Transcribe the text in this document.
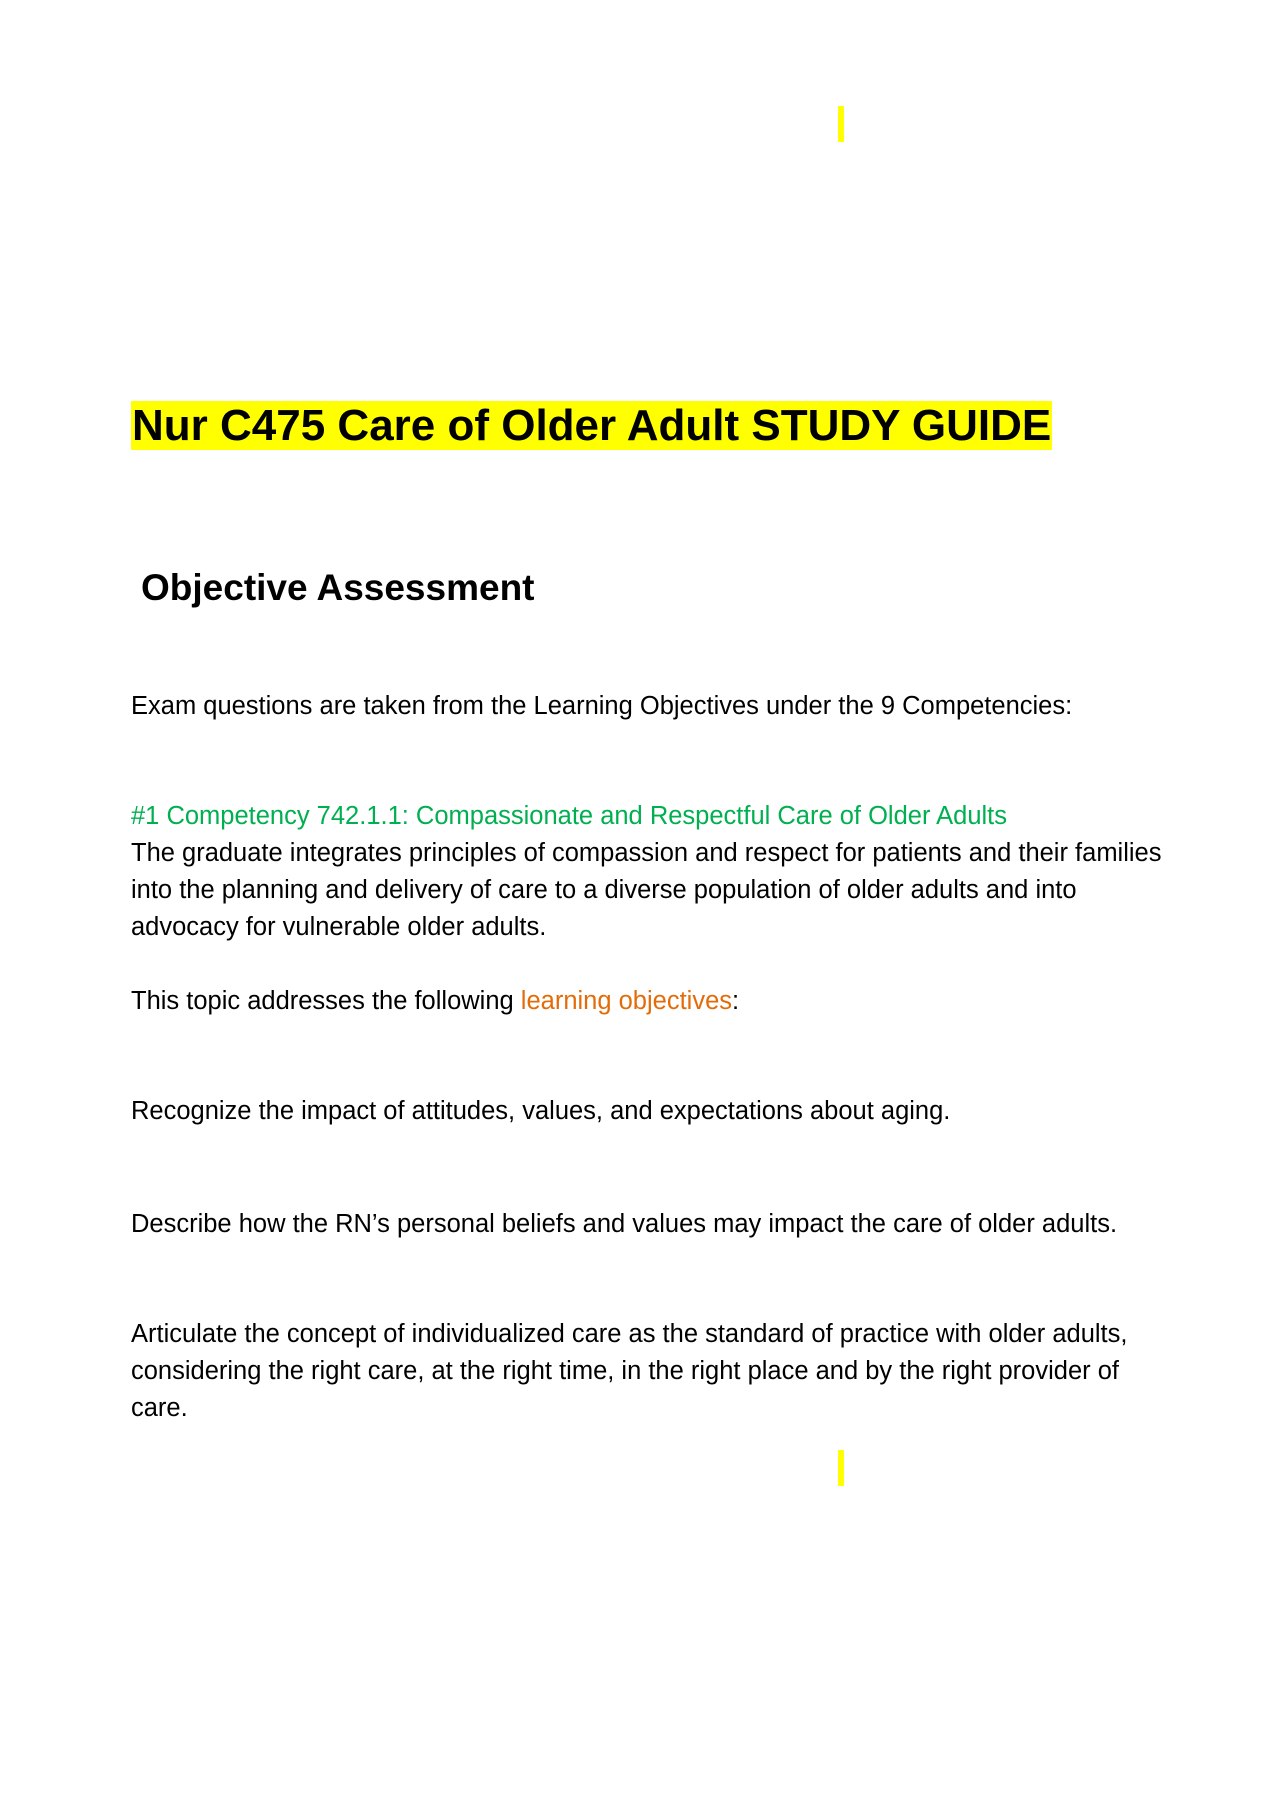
Nur C475 Care of Older Adult STUDY GUIDE
Objective Assessment

Exam questions are taken from the Learning Objectives under the 9 Competencies:

#1 Competency 742.1.1: Compassionate and Respectful Care of Older Adults
The graduate integrates principles of compassion and respect for patients and their families into the planning and delivery of care to a diverse population of older adults and into advocacy for vulnerable older adults.

This topic addresses the following learning objectives:

Recognize the impact of attitudes, values, and expectations about aging.

Describe how the RN’s personal beliefs and values may impact the care of older adults.

Articulate the concept of individualized care as the standard of practice with older adults, considering the right care, at the right time, in the right place and by the right provider of care.
